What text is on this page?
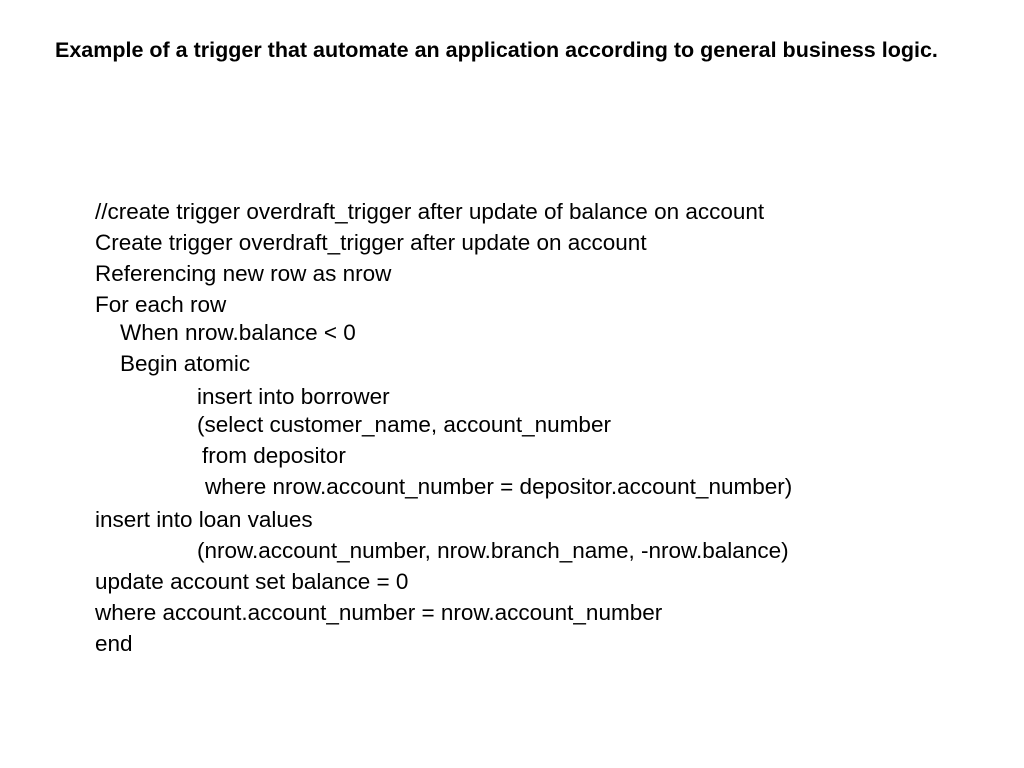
Example of a trigger that automate an application according to general business logic.
//create trigger overdraft_trigger after update of balance on account
Create trigger overdraft_trigger after update on account
Referencing new row as nrow
For each row
When nrow.balance < 0
Begin atomic
insert into borrower
(select customer_name, account_number
from depositor
where nrow.account_number = depositor.account_number)
insert into loan values
(nrow.account_number, nrow.branch_name, -nrow.balance)
update account set balance = 0
where account.account_number = nrow.account_number
end
